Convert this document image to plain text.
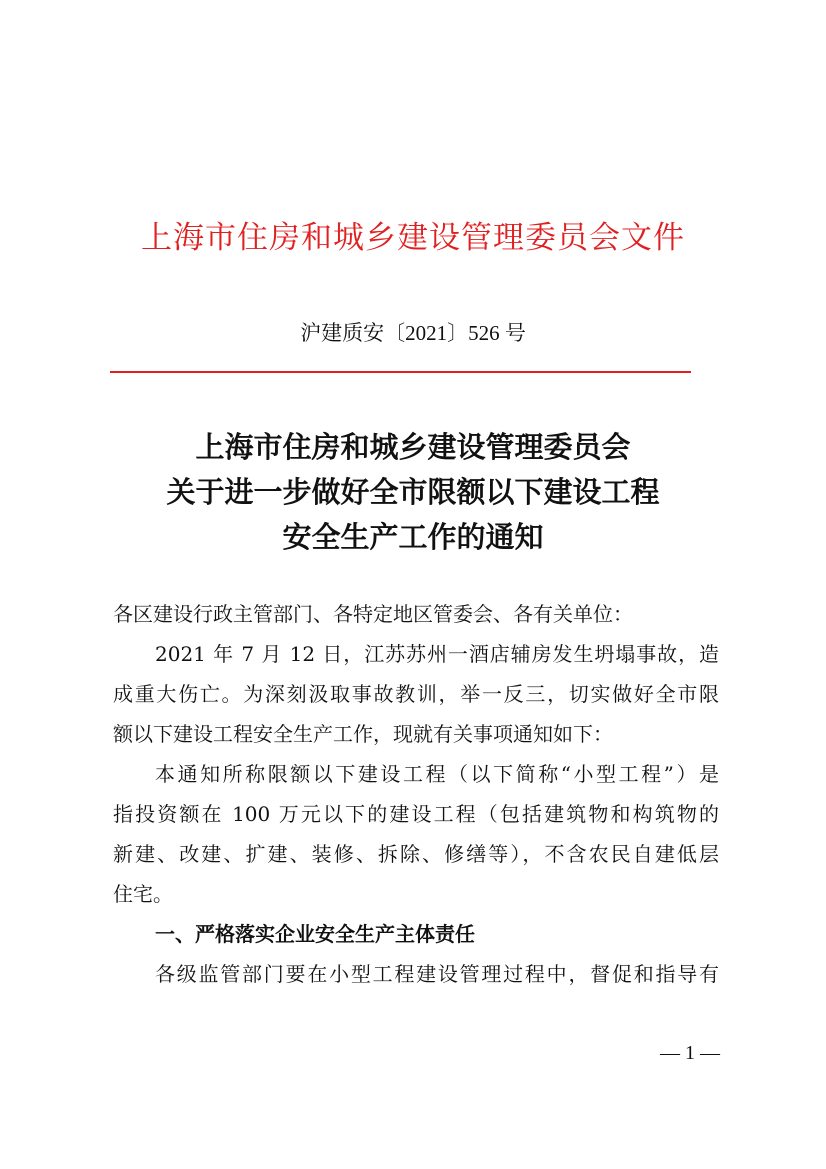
上海市住房和城乡建设管理委员会文件
沪建质安〔2021〕526 号
上海市住房和城乡建设管理委员会
关于进一步做好全市限额以下建设工程
安全生产工作的通知
各区建设行政主管部门、各特定地区管委会、各有关单位：
2021 年 7 月 12 日，江苏苏州一酒店辅房发生坍塌事故，造
成重大伤亡。为深刻汲取事故教训，举一反三，切实做好全市限
额以下建设工程安全生产工作，现就有关事项通知如下：
本通知所称限额以下建设工程（以下简称“小型工程”）是
指投资额在 100 万元以下的建设工程（包括建筑物和构筑物的
新建、改建、扩建、装修、拆除、修缮等），不含农民自建低层
住宅。
一、严格落实企业安全生产主体责任
各级监管部门要在小型工程建设管理过程中，督促和指导有
— 1 —
